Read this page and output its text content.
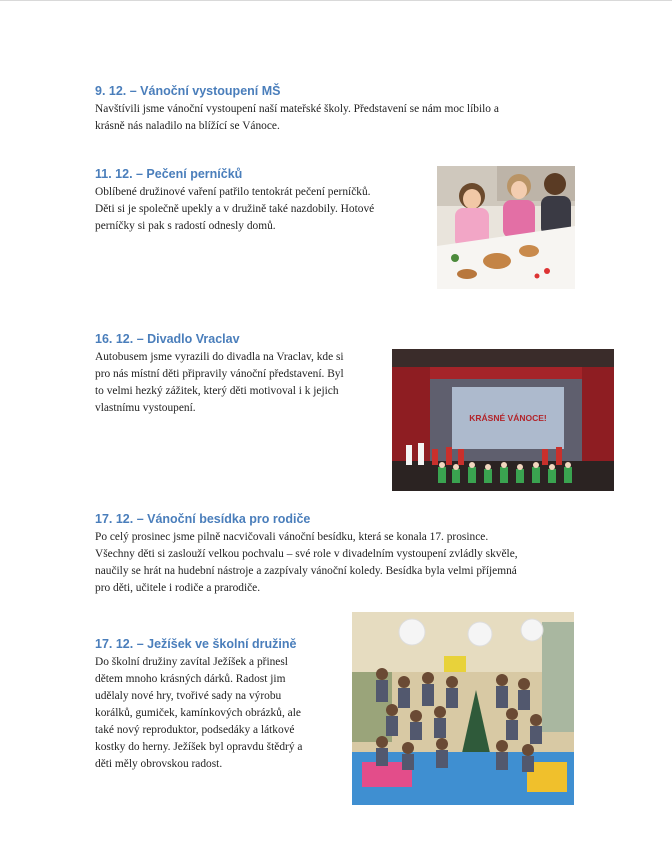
9. 12. – Vánoční vystoupení MŠ

Navštívili jsme vánoční vystoupení naší mateřské školy. Představení se nám moc líbilo a
krásně nás naladilo na blížící se Vánoce.

11. 12. – Pečení perníčků

Oblíbené družinové vaření patřilo tentokrát pečení perníčků.
Děti si je společně upekly a v družině také nazdobily. Hotové
perníčky si pak s radostí odnesly domů.

16. 12. – Divadlo Vraclav

Autobusem jsme vyrazili do divadla na Vraclav, kde si
pro nás místní děti připravily vánoční představení. Byl
to velmi hezký zážitek, který děti motivoval i k jejich
vlastnímu vystoupení.

KRÁSNÉ VÁNOCE!

17. 12. – Vánoční besídka pro rodiče

Po celý prosinec jsme pilně nacvičovali vánoční besídku, která se konala 17. prosince.
Všechny děti si zaslouží velkou pochvalu – své role v divadelním vystoupení zvládly skvěle,
naučily se hrát na hudební nástroje a zazpívaly vánoční koledy. Besídka byla velmi příjemná
pro děti, učitele i rodiče a prarodiče.

17. 12. – Ježíšek ve školní družině

Do školní družiny zavítal Ježíšek a přinesl
dětem mnoho krásných dárků. Radost jim
udělaly nové hry, tvořivé sady na výrobu
korálků, gumiček, kamínkových obrázků, ale
také nový reproduktor, podsedáky a látkové
kostky do herny. Ježíšek byl opravdu štědrý a
děti měly obrovskou radost.
